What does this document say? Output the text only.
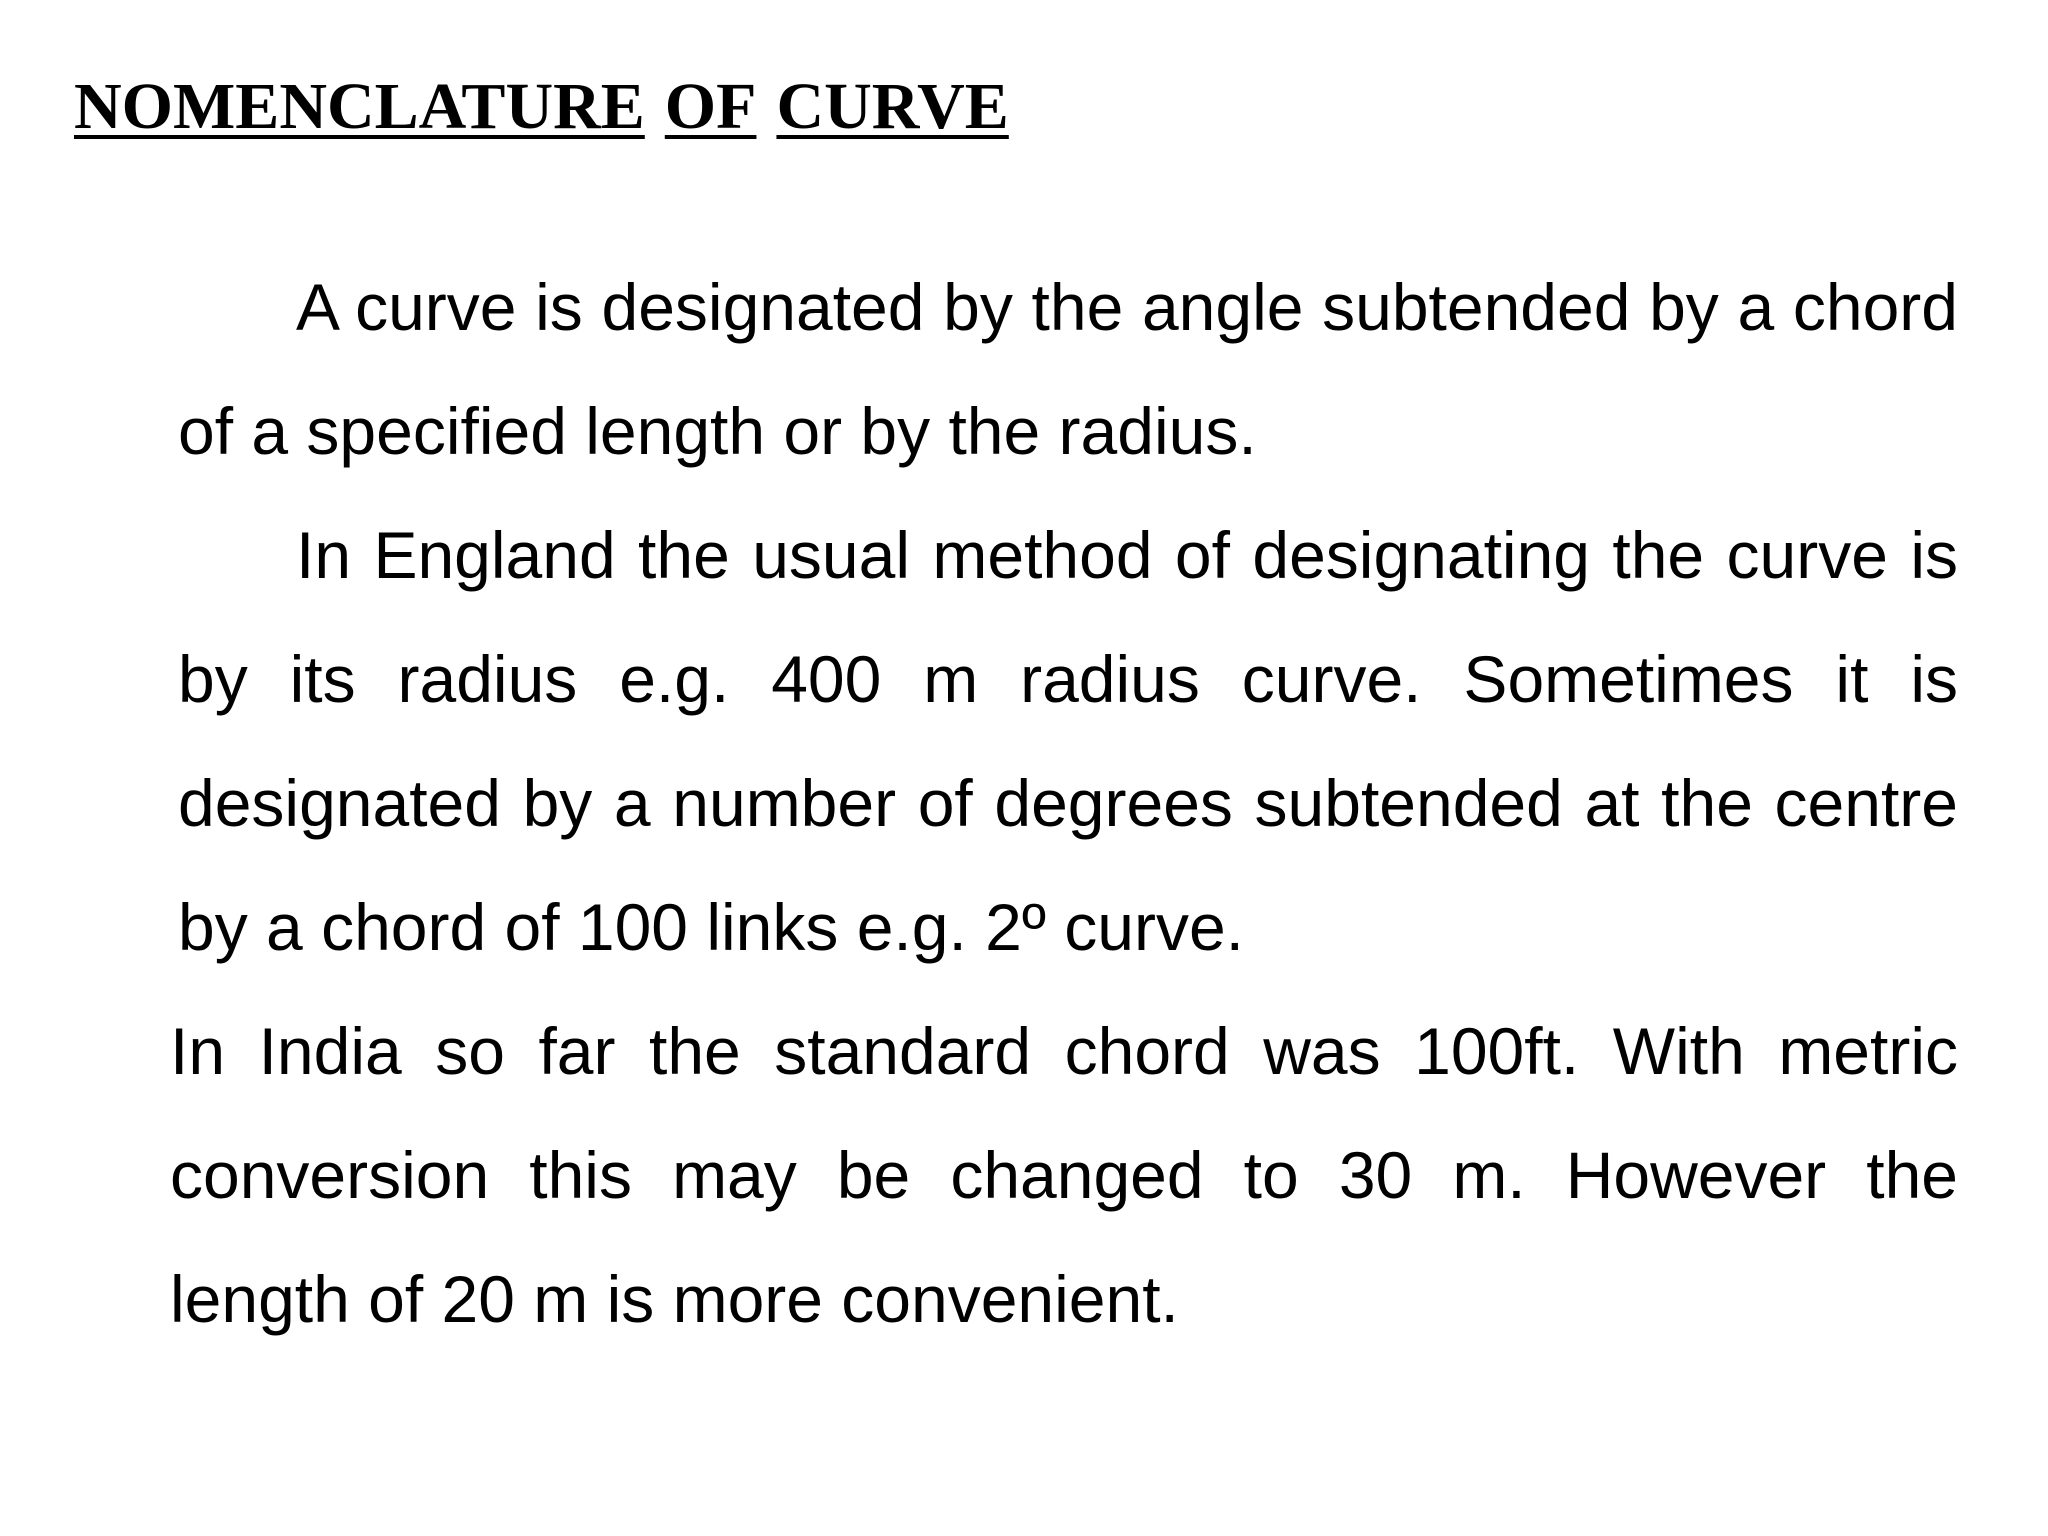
NOMENCLATURE OF CURVE

A curve is designated by the angle subtended by a chord of a specified length or by the radius.

In England the usual method of designating the curve is by its radius e.g. 400 m radius curve. Sometimes it is designated by a number of degrees subtended at the centre by a chord of 100 links e.g. 2º curve.

In India so far the standard chord was 100ft. With metric conversion this may be changed to 30 m. However the length of 20 m is more convenient.
